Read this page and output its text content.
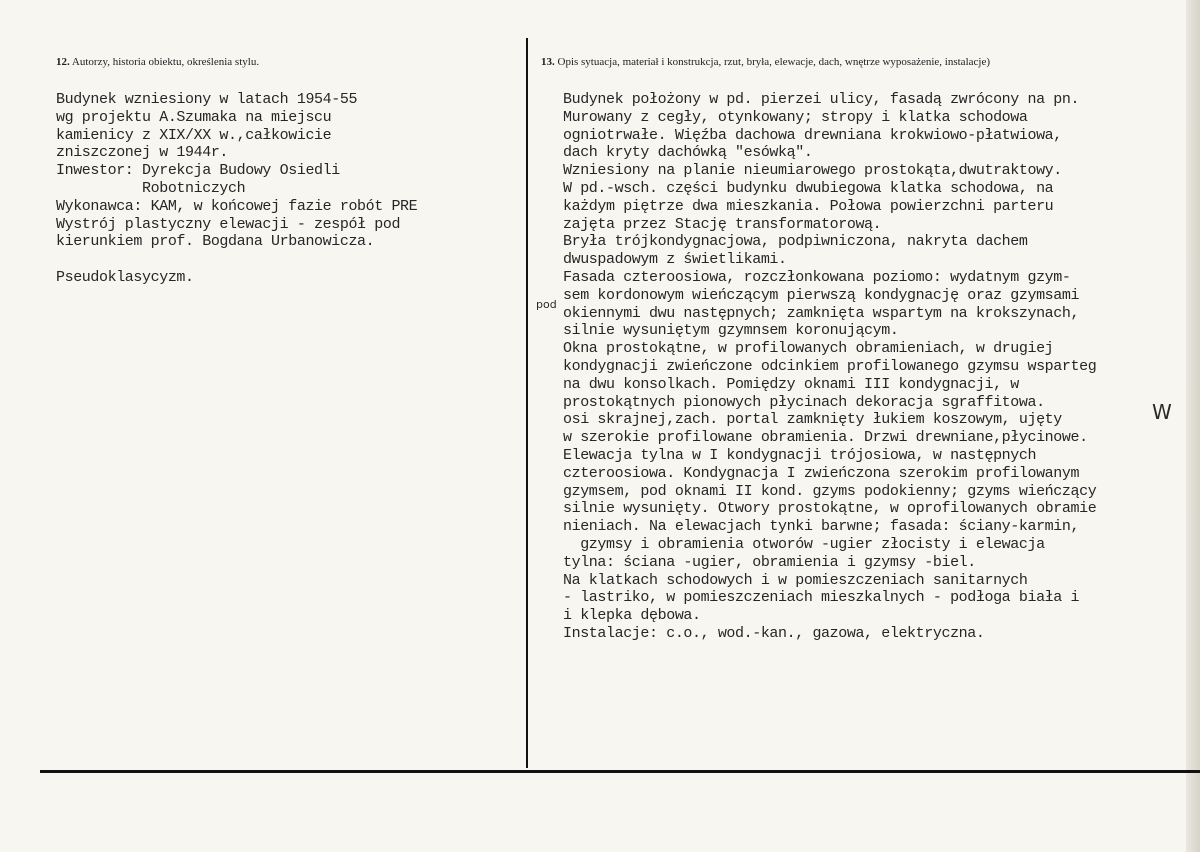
12. Autorzy, historia obiektu, określenia stylu.	13. Opis sytuacja, materiał i konstrukcja, rzut, bryła, elewacje, dach, wnętrze wyposażenie, instalacje)
Budynek wzniesiony w latach 1954-55
wg projektu A.Szumaka na miejscu
kamienicy z XIX/XX w.,całkowicie
zniszczonej w 1944r.
Inwestor: Dyrekcja Budowy Osiedli
Robotniczych
Wykonawca: KAM, w końcowej fazie robót PRE
Wystrój plastyczny elewacji - zespół pod
kierunkiem prof. Bogdana Urbanowicza.

Pseudoklasycyzm.
Budynek położony w pd. pierzei ulicy, fasadą zwrócony na pn.
Murowany z cegły, otynkowany; stropy i klatka schodowa
ogniotrwałe. Więźba dachowa drewniana krokwiowo-płatwiowa,
dach kryty dachówką "esówką".
Wzniesiony na planie nieumiarowego prostokąta,dwutraktowy.
W pd.-wsch. części budynku dwubiegowa klatka schodowa, na
każdym piętrze dwa mieszkania. Połowa powierzchni parteru
zajęta przez Stację transformatorową.
Bryła trójkondygnacjowa, podpiwniczona, nakryta dachem
dwuspadowym z świetlikami.
Fasada czteroosiowa, rozczłonkowana poziomo: wydatnym gzym-
sem kordonowym wieńczącym pierwszą kondygnację oraz gzymsami
okiennymi dwu następnych; zamknięta wspartym na krokszynach,
silnie wysuniętym gzymnsem koronującym.
Okna prostokątne, w profilowanych obramieniach, w drugiej
kondygnacji zwieńczone odcinkiem profilowanego gzymsu wsparteg
na dwu konsolkach. Pomiędzy oknami III kondygnacji, w
prostokątnych pionowych płycinach dekoracja sgraffitowa.
osi skrajnej,zach. portal zamknięty łukiem koszowym, ujęty
w szerokie profilowane obramienia. Drzwi drewniane,płycinowe.
Elewacja tylna w I kondygnacji trójosiowa, w następnych
czteroosiowa. Kondygnacja I zwieńczona szerokim profilowanym
gzymsem, pod oknami II kond. gzyms podokienny; gzyms wieńczący
silnie wysunięty. Otwory prostokątne, w oprofilowanych obramie
nieniach. Na elewacjach tynki barwne; fasada: ściany-karmin,
gzymsy i obramienia otworów -ugier złocisty i elewacja
tylna: ściana -ugier, obramienia i gzymsy -biel.
Na klatkach schodowych i w pomieszczeniach sanitarnych
- lastriko, w pomieszczeniach mieszkalnych - podłoga biała i
i klepka dębowa.
Instalacje: c.o., wod.-kan., gazowa, elektryczna.
pod
W
